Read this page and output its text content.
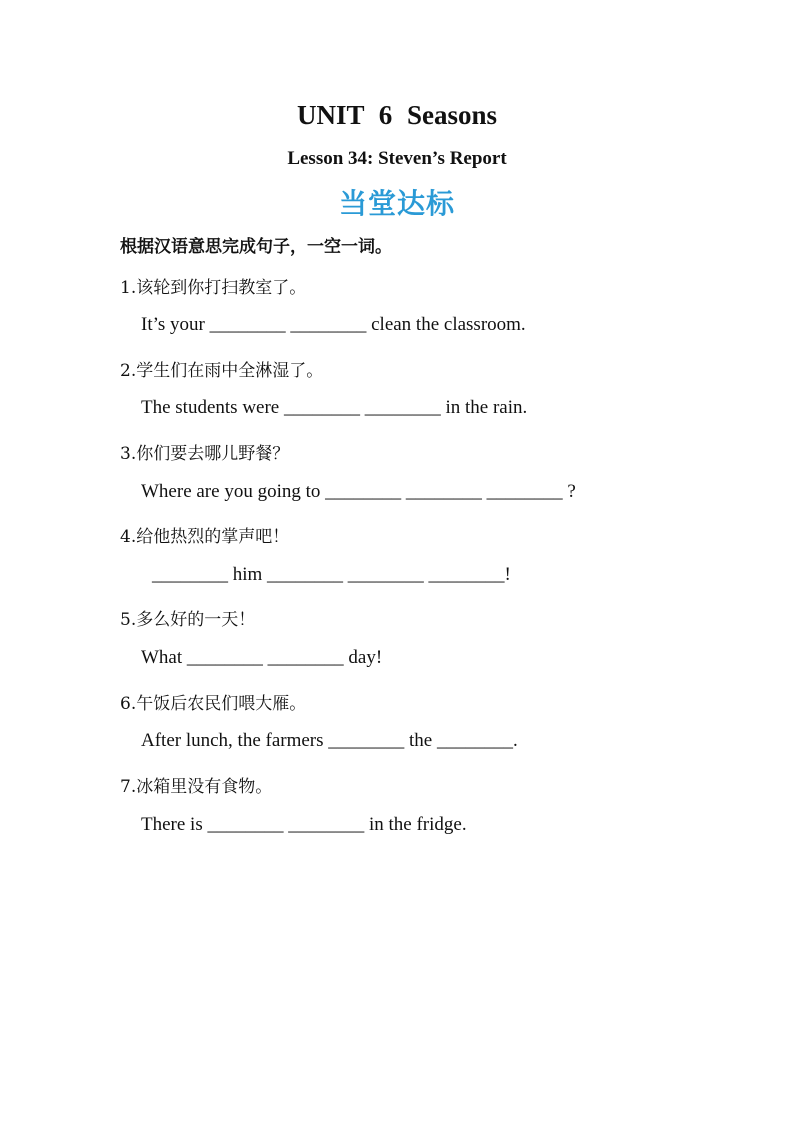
UNIT 6 Seasons
Lesson 34: Steven’s Report
当堂达标
根据汉语意思完成句子，一空一词。
1.该轮到你打扫教室了。
It’s your ________ ________ clean the classroom.
2.学生们在雨中全淋湿了。
The students were ________ ________ in the rain.
3.你们要去哪儿野餐？
Where are you going to ________ ________ ________ ?
4.给他热烈的掌声吧！
________ him ________ ________ ________!
5.多么好的一天！
What ________ ________ day!
6.午饭后农民们喂大雁。
After lunch, the farmers ________ the ________.
7.冰箱里没有食物。
There is ________ ________ in the fridge.
